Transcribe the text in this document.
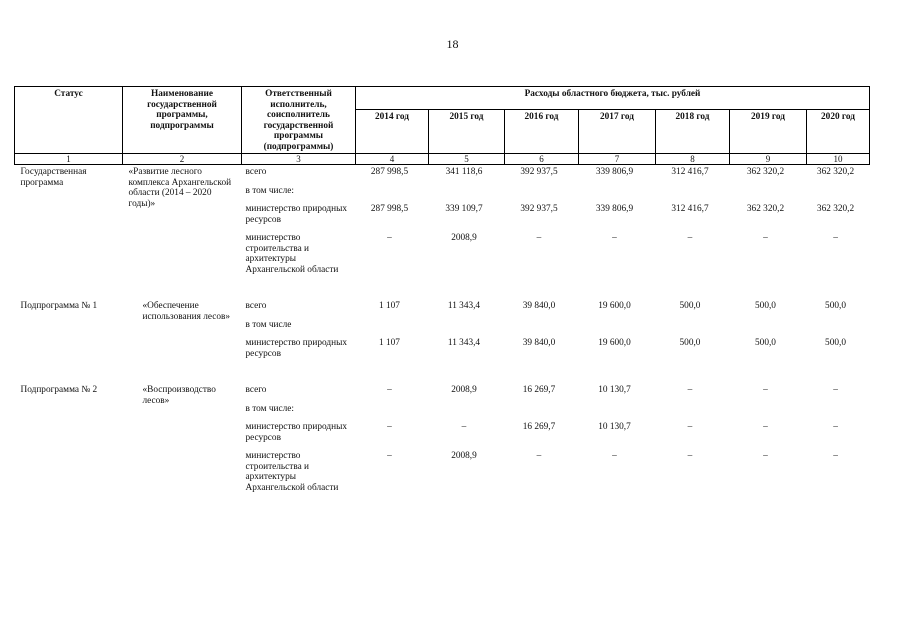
18
Статус	Наименование государственной программы, подпрограммы	Ответственный исполнитель, соисполнитель государственной программы (подпрограммы)	Расходы областного бюджета, тыс. рублей						
			2014 год	2015 год	2016 год	2017 год	2018 год	2019 год	2020 год
1	2	3	4	5	6	7	8	9	10
Государственная программа	«Развитие лесного комплекса Архангельской области (2014 – 2020 годы)»	всего	287 998,5	341 118,6	392 937,5	339 806,9	312 416,7	362 320,2	362 320,2
		в том числе:							
		министерство природных ресурсов	287 998,5	339 109,7	392 937,5	339 806,9	312 416,7	362 320,2	362 320,2
		министерство строительства и архитектуры Архангельской области	–	2008,9	–	–	–	–	–
Подпрограмма № 1	«Обеспечение использования лесов»	всего	1 107	11 343,4	39 840,0	19 600,0	500,0	500,0	500,0
		в том числе							
		министерство природных ресурсов	1 107	11 343,4	39 840,0	19 600,0	500,0	500,0	500,0
Подпрограмма № 2	«Воспроизводство лесов»	всего	–	2008,9	16 269,7	10 130,7	–	–	–
		в том числе:							
		министерство природных ресурсов	–	–	16 269,7	10 130,7	–	–	–
		министерство строительства и архитектуры Архангельской области	–	2008,9	–	–	–	–	–
